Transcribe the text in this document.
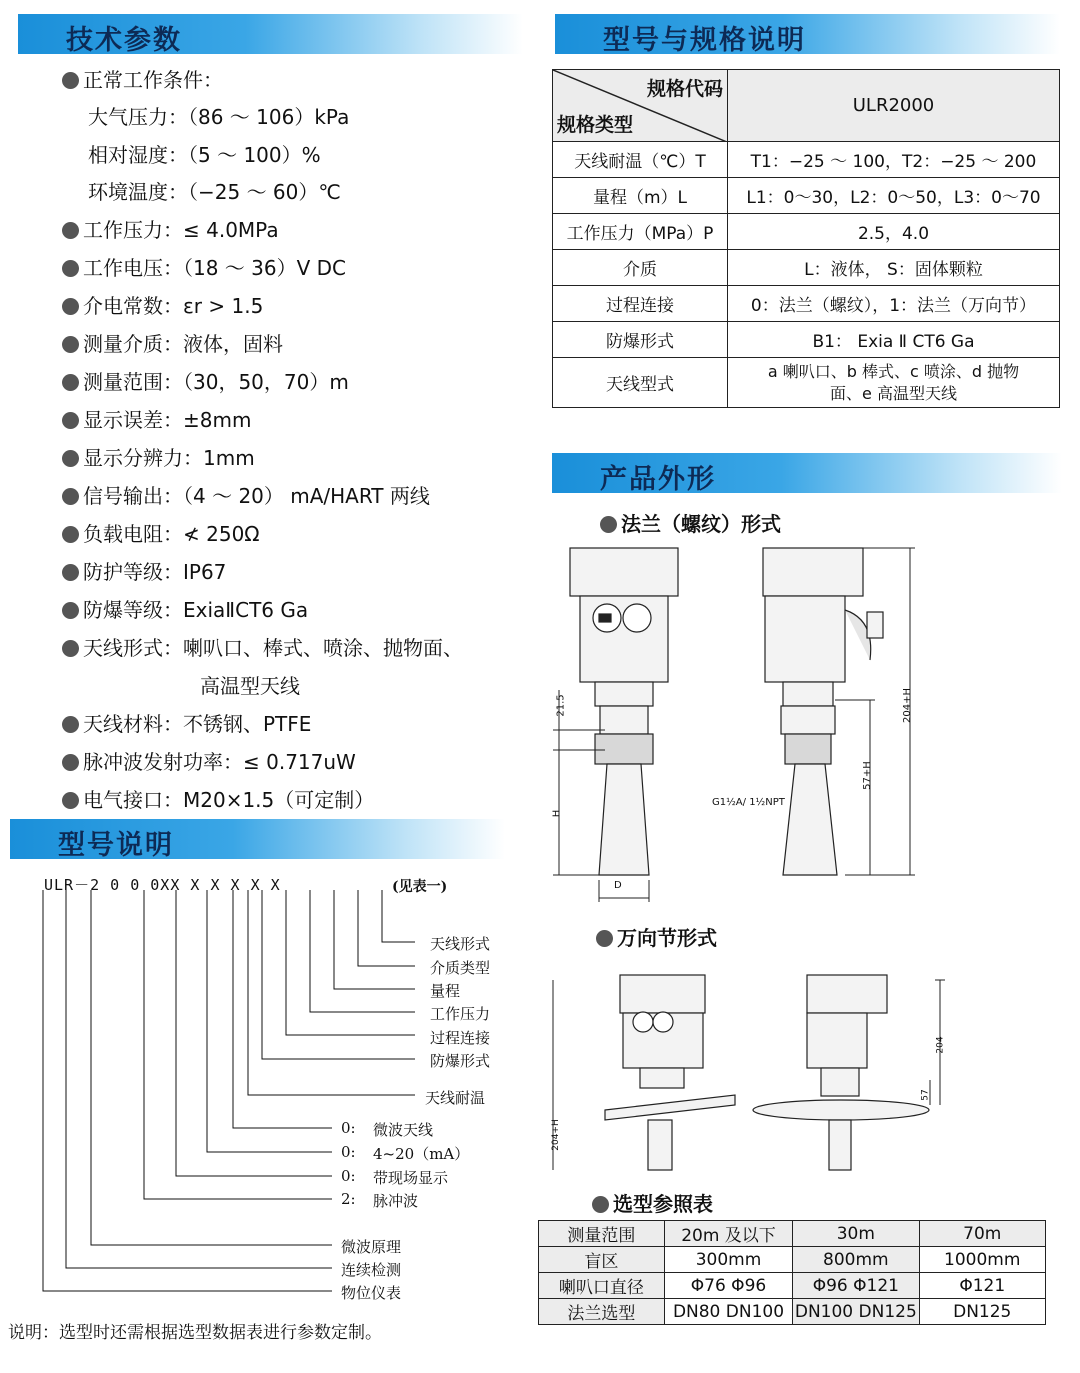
技术参数	型号与规格说明
型号说明
产品外形
正常工作条件：
大气压力：（86 ～ 106）kPa
相对湿度：（5 ～ 100）%
环境温度：（−25 ～ 60）℃
工作压力：≤ 4.0MPa
工作电压：（18 ～ 36）V DC
介电常数：εr > 1.5
测量介质：液体，固料
测量范围：（30，50，70）m
显示误差：±8mm
显示分辨力：1mm
信号输出：（4 ～ 20） mA/HART 两线
负载电阻：≮ 250Ω
防护等级：IP67
防爆等级：ExiaⅡCT6 Ga
天线形式：喇叭口、棒式、喷涂、抛物面、
高温型天线
天线材料：不锈钢、PTFE
脉冲波发射功率：≤ 0.717uW
电气接口：M20×1.5（可定制）
规格代码
规格类型	ULR2000
天线耐温（℃）T	T1：−25 ～ 100，T2：−25 ～ 200
量程（m）L	L1：0～30，L2：0～50，L3：0～70
工作压力（MPa）P	2.5，4.0
介质	L：液体， S：固体颗粒
过程连接	0：法兰（螺纹），1：法兰（万向节）
防爆形式	B1： Exia Ⅱ CT6 Ga
天线型式	a 喇叭口、b 棒式、c 喷涂、d 抛物面、e 高温型天线
ULR－2 0 0 0XX X X X X X	(见表一)
天线形式
介质类型
量程
工作压力
过程连接
防爆形式
天线耐温
0: 微波天线
0: 4~20（mA）
0: 带现场显示
2: 脉冲波
微波原理
连续检测
物位仪表
说明：选型时还需根据选型数据表进行参数定制。
法兰（螺纹）形式
21.5
H
D
204+H
57+H
G1½A/ 1½NPT
万向节形式
204
57
204+H
选型参照表
测量范围	20m 及以下	30m	70m
盲区	300mm	800mm	1000mm
喇叭口直径	Φ76 Φ96	Φ96 Φ121	Φ121
法兰选型	DN80 DN100	DN100 DN125	DN125
